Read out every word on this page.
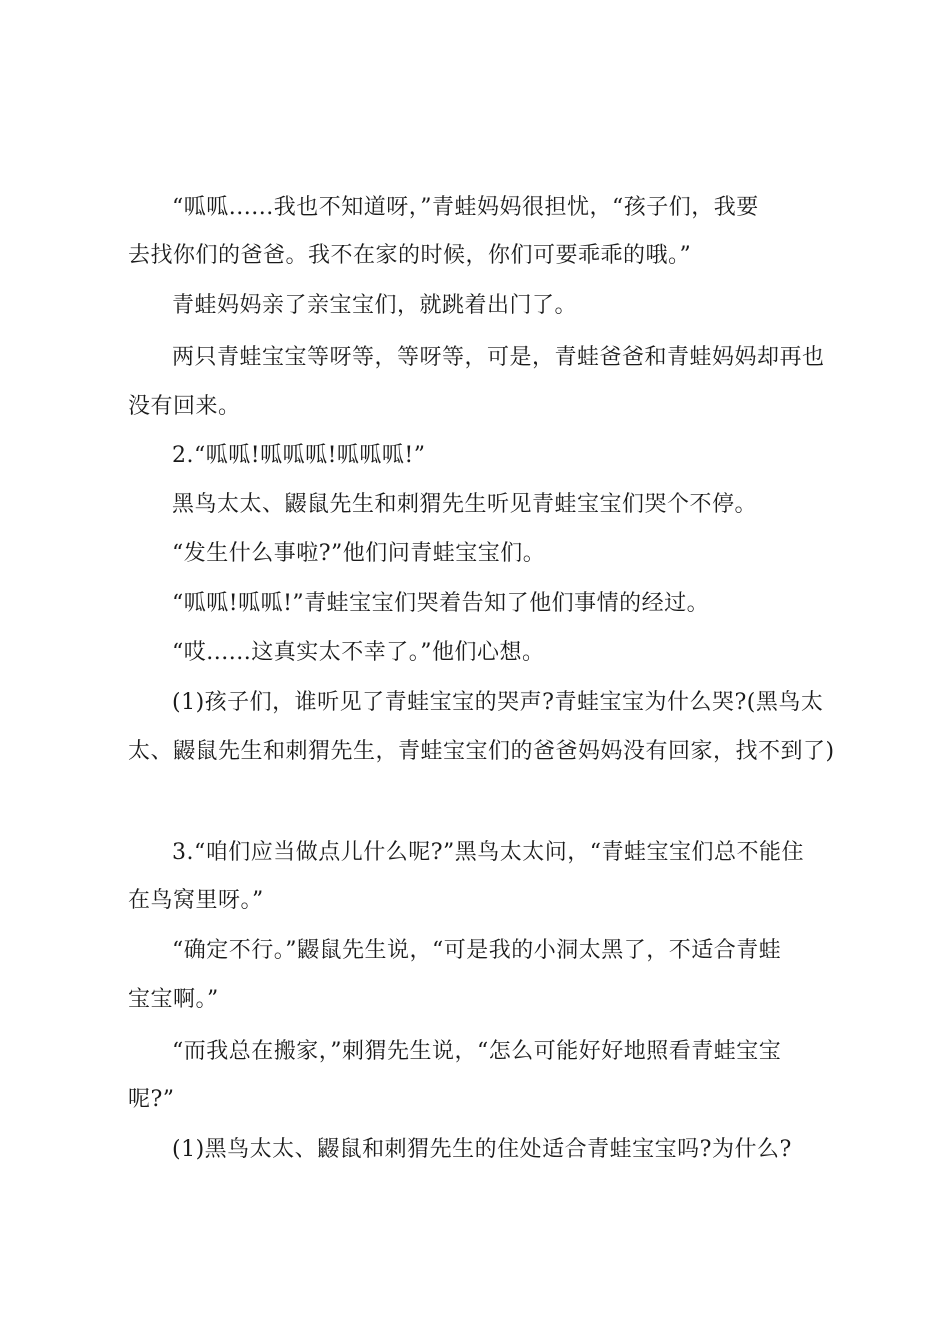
“呱呱......我也不知道呀，”青蛙妈妈很担忧，“孩子们，我要
去找你们的爸爸。我不在家的时候，你们可要乖乖的哦。”
青蛙妈妈亲了亲宝宝们，就跳着出门了。
两只青蛙宝宝等呀等，等呀等，可是，青蛙爸爸和青蛙妈妈却再也
没有回来。
2.“呱呱!呱呱呱!呱呱呱!”
黑鸟太太、鼹鼠先生和刺猬先生听见青蛙宝宝们哭个不停。
“发生什么事啦?”他们问青蛙宝宝们。
“呱呱!呱呱!”青蛙宝宝们哭着告知了他们事情的经过。
“哎......这真实太不幸了。”他们心想。
(1)孩子们，谁听见了青蛙宝宝的哭声?青蛙宝宝为什么哭?(黑鸟太
太、鼹鼠先生和刺猬先生，青蛙宝宝们的爸爸妈妈没有回家，找不到了)
3.“咱们应当做点儿什么呢?”黑鸟太太问，“青蛙宝宝们总不能住
在鸟窝里呀。”
“确定不行。”鼹鼠先生说，“可是我的小洞太黑了，不适合青蛙
宝宝啊。”
“而我总在搬家，”刺猬先生说，“怎么可能好好地照看青蛙宝宝
呢?”
(1)黑鸟太太、鼹鼠和刺猬先生的住处适合青蛙宝宝吗?为什么?
